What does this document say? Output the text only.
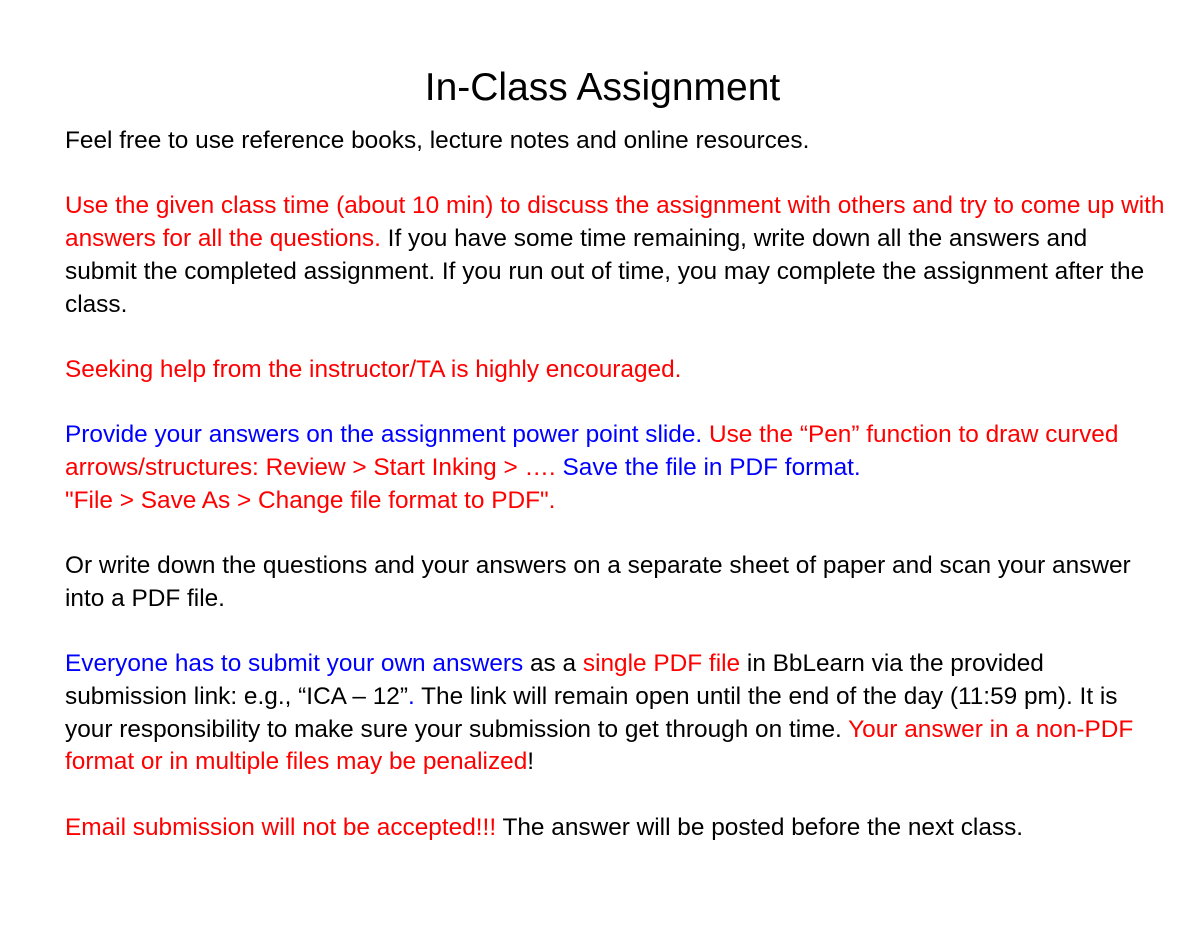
In-Class Assignment

Feel free to use reference books, lecture notes and online resources.

Use the given class time (about 10 min) to discuss the assignment with others and try to come up with answers for all the questions. If you have some time remaining, write down all the answers and submit the completed assignment. If you run out of time, you may complete the assignment after the class.

Seeking help from the instructor/TA is highly encouraged.

Provide your answers on the assignment power point slide. Use the “Pen” function to draw curved arrows/structures: Review > Start Inking > …. Save the file in PDF format.
"File > Save As > Change file format to PDF".

Or write down the questions and your answers on a separate sheet of paper and scan your answer into a PDF file.

Everyone has to submit your own answers as a single PDF file in BbLearn via the provided submission link: e.g., “ICA – 12”. The link will remain open until the end of the day (11:59 pm). It is your responsibility to make sure your submission to get through on time. Your answer in a non-PDF format or in multiple files may be penalized!

Email submission will not be accepted!!! The answer will be posted before the next class.
